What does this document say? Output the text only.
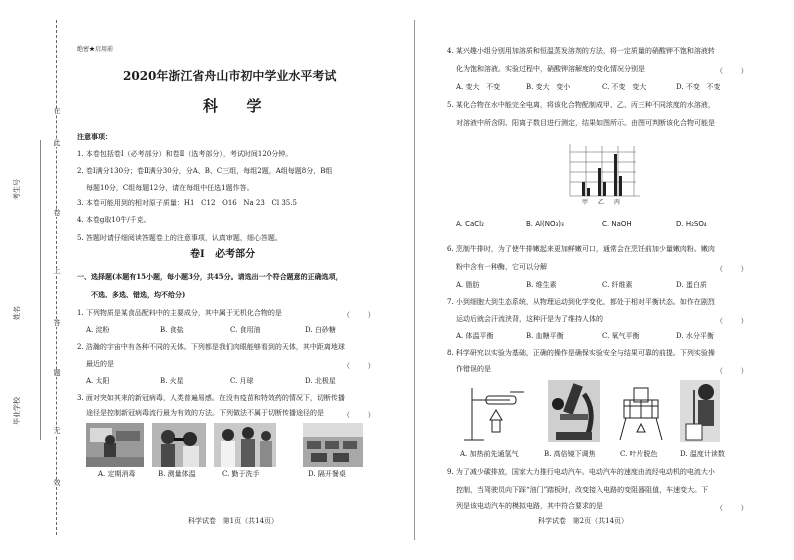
在
此
卷
上
答
题
无
效
考生号
姓名
毕业学校
绝密★启用前
2020年浙江省舟山市初中学业水平考试
科  学
注意事项：
1. 本卷包括卷Ⅰ（必考部分）和卷Ⅱ（选考部分），考试时间120分钟。
2. 卷Ⅰ满分130分；卷Ⅱ满分30分，分A、B、C三组，每组2题，A组每题8分，B组
每题10分，C组每题12分，请在每组中任选1题作答。
3. 本卷可能用到的相对原子质量：H1   C12   O16   Na 23   Cl 35.5
4. 本卷g取10牛/千克。
5. 答题时请仔细阅读答题卷上的注意事项，认真审题，细心答题。
卷Ⅰ   必考部分
一、选择题(本题有15小题，每小题3分，共45分。请选出一个符合题意的正确选项，
不选、多选、错选，均不给分)
1. 下列物质是某食品配料中的主要成分，其中属于无机化合物的是	（        ）
A. 淀粉	B. 食盐	C. 食用油	D. 白砂糖
2. 浩瀚的宇宙中有各种不同的天体。下列都是我们肉眼能够看到的天体，其中距离地球
最近的是	（        ）
A. 太阳	B. 火星	C. 月球	D. 北极星
3. 面对突如其来的新冠病毒，人类普遍易感。在没有疫苗和特效药的情况下，切断传播
途径是控制新冠病毒流行最为有效的方法。下列做法不属于切断传播途径的是	（        ）
A. 定期消毒	B. 测量体温	C. 勤于洗手	D. 隔开餐桌
科学试卷   第1页（共14页）
4. 某兴趣小组分别用加溶质和恒温蒸发溶剂的方法，将一定质量的硝酸钾不饱和溶液转
化为饱和溶液。实验过程中，硝酸钾溶解度的变化情况分别是	（        ）
A. 变大   不变	B. 变大   变小	C. 不变   变大	D. 不变   不变
5. 某化合物在水中能完全电离，将该化合物配制成甲、乙、丙三种不同浓度的水溶液，
对溶液中所含阴、阳离子数目进行测定，结果如图所示。由图可判断该化合物可能是
甲 乙 丙
A. CaCl₂	B. Al(NO₃)₃	C. NaOH	D. H₂SO₄
6. 烹制牛排时，为了使牛排嫩起来更加鲜嫩可口，通常会在烹饪前加少量嫩肉粉。嫩肉
粉中含有一种酶，它可以分解	（        ）
A. 脂肪	B. 维生素	C. 纤维素	D. 蛋白质
7. 小到细胞大到生态系统，从物理运动到化学变化，都处于相对平衡状态。如作在剧烈
运动后就会汗流浃背，这种汗是为了维持人体的	（        ）
A. 体温平衡	B. 血糖平衡	C. 氧气平衡	D. 水分平衡
8. 科学研究以实验为基础，正确的操作是确保实验安全与结果可靠的前提。下列实验操
作错误的是	（        ）
A. 加热前先通氢气	B. 高倍镜下调焦	C. 叶片脱色	D. 温度计读数
9. 为了减少碳排放，国家大力推行电动汽车。电动汽车的速度由流经电动机的电流大小
控制，当驾驶员向下踩“油门”踏板时，改变接入电路的变阻器阻值，车速变大。下
列是该电动汽车的模拟电路，其中符合要求的是	（        ）
科学试卷   第2页（共14页）
